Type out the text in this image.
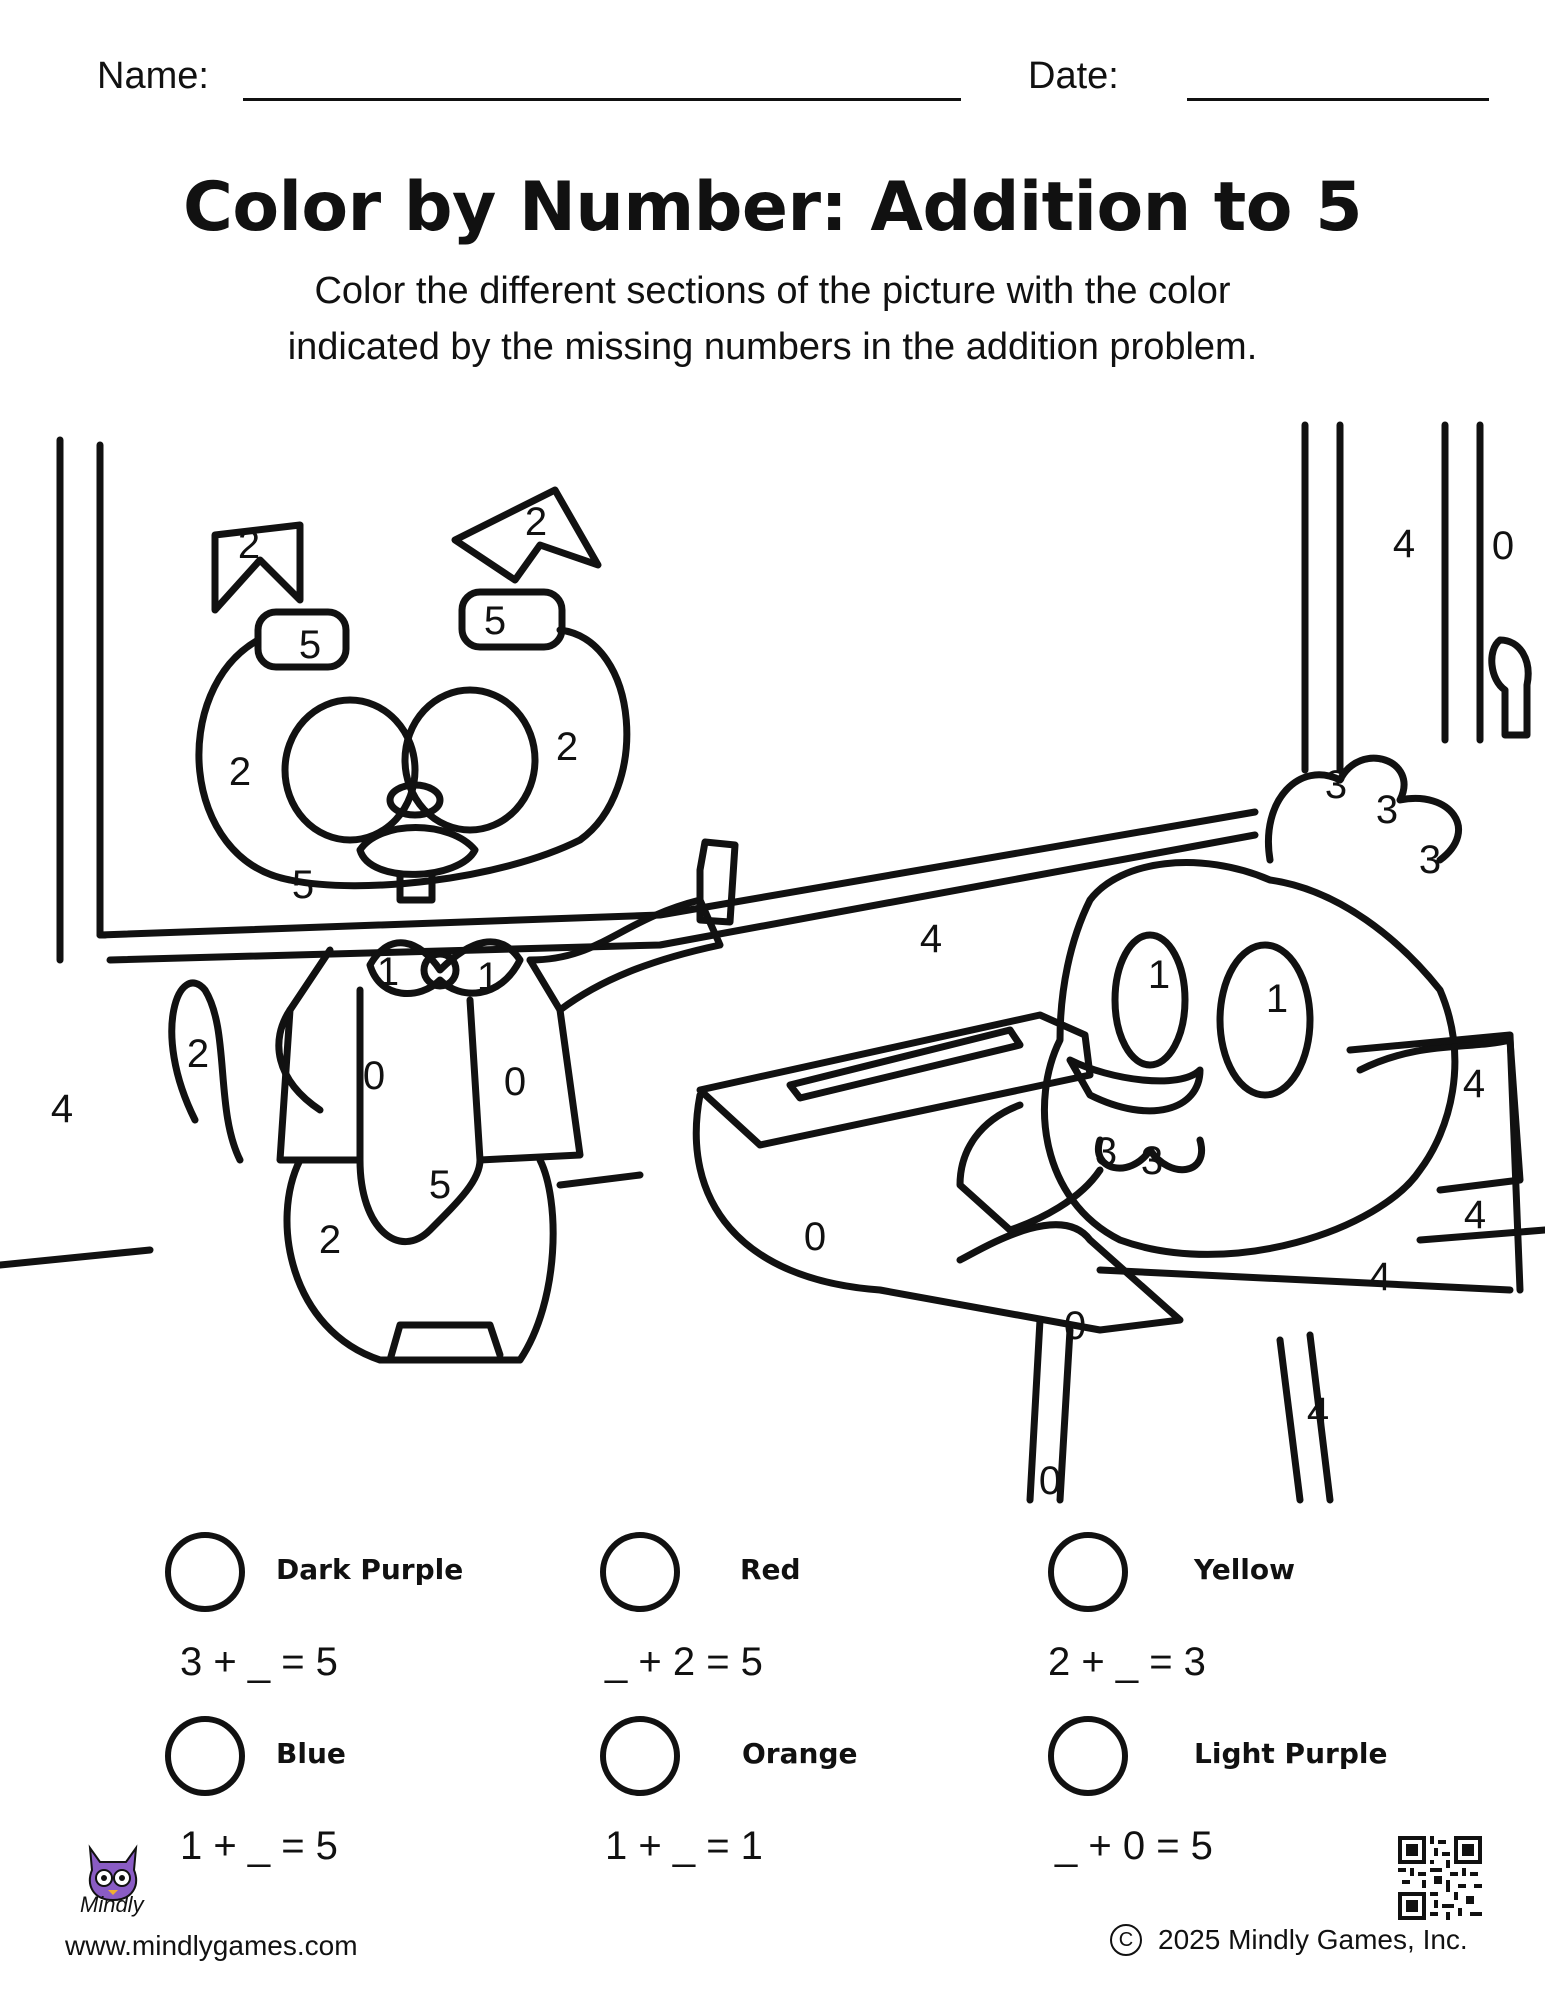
Name:	Date:
Color by Number: Addition to 5
Color the different sections of the picture with the color
indicated by the missing numbers in the addition problem.
2
2
5
5
2
2
5
1 1
2	0	0
5
2
4
4
0
4
3
3
3
1
1
3 3
4
0
4
4
4
0
0
Dark Purple
3 + _ = 5
Red
_ + 2 = 5
Yellow
2 + _ = 3
Blue
1 + _ = 5
Orange
1 + _ = 1
Light Purple
_ + 0 = 5
Mindly
www.mindlygames.com	C 2025 Mindly Games, Inc.
